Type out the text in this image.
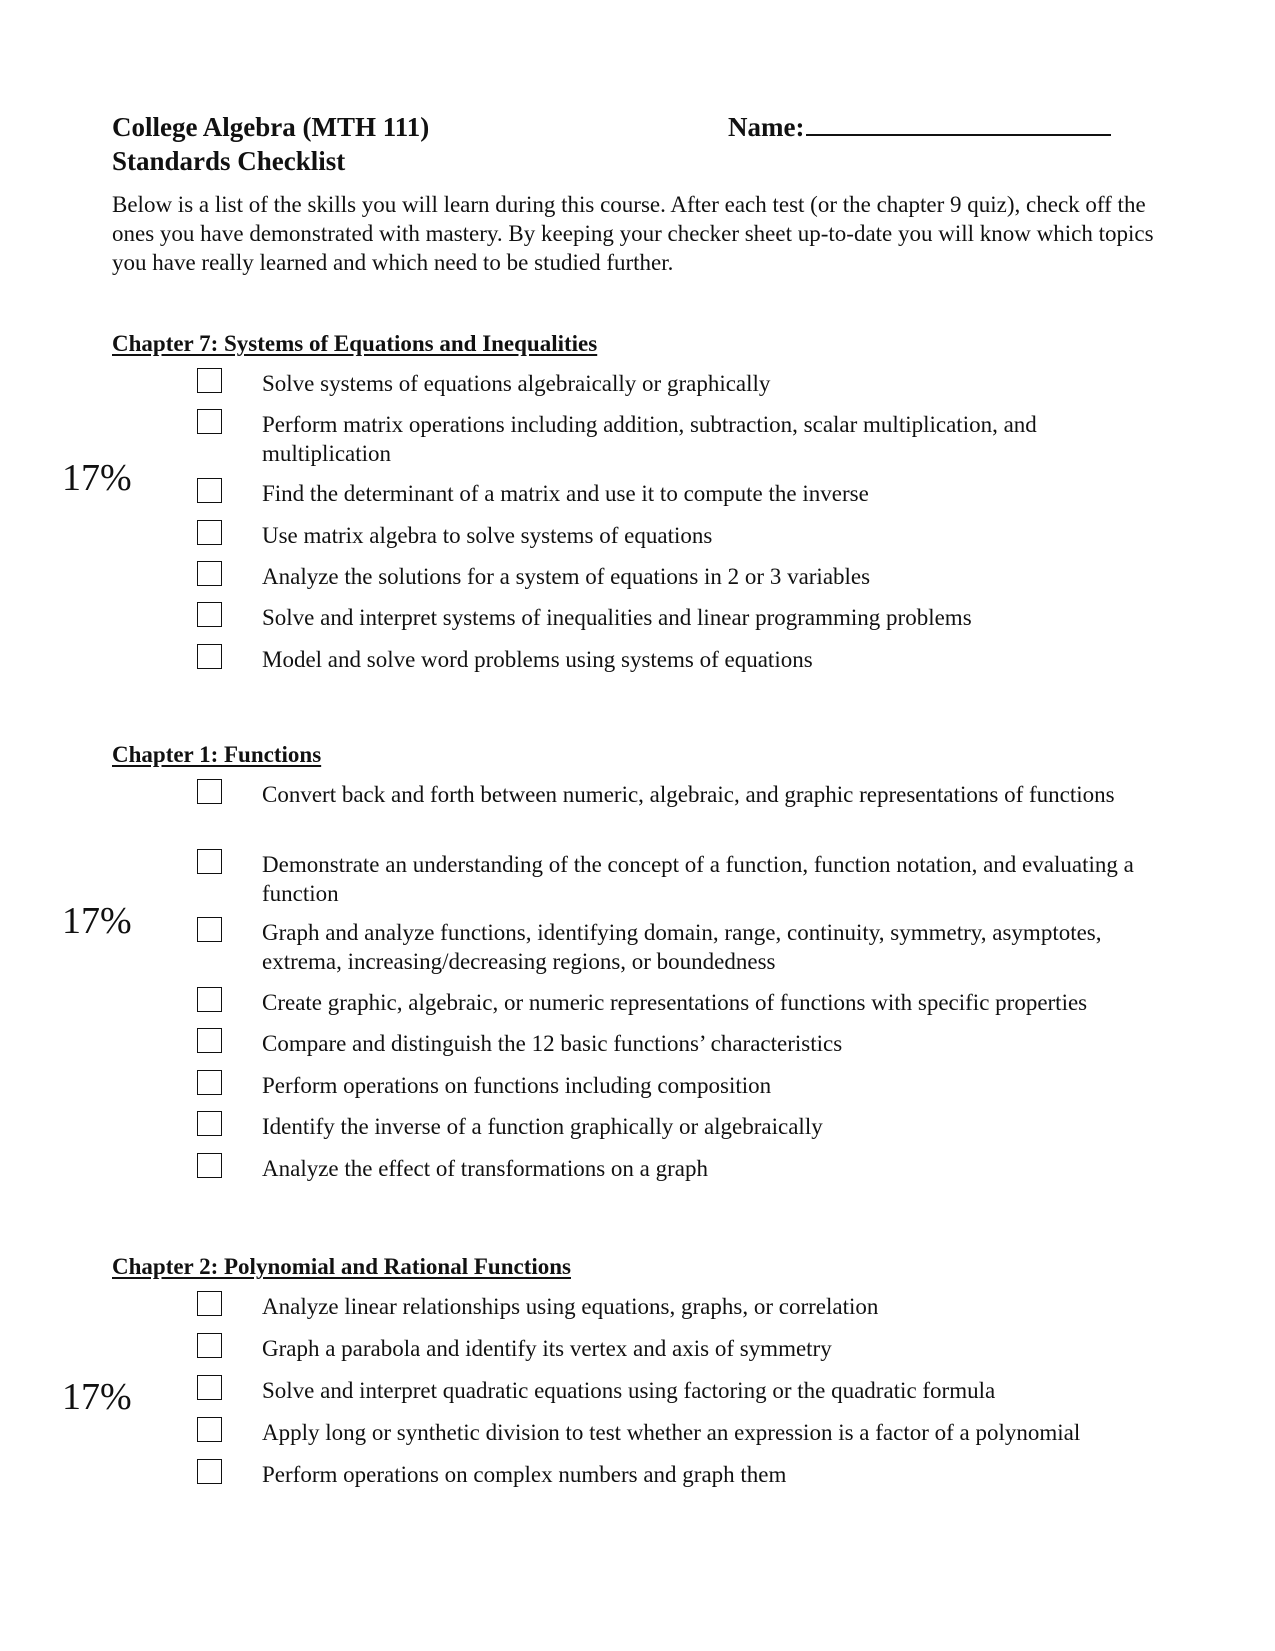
College Algebra (MTH 111)
Standards Checklist
Name:
Below is a list of the skills you will learn during this course. After each test (or the chapter 9 quiz), check off the ones you have demonstrated with mastery. By keeping your checker sheet up-to-date you will know which topics you have really learned and which need to be studied further.
Chapter 7: Systems of Equations and Inequalities
17%
Solve systems of equations algebraically or graphically
Perform matrix operations including addition, subtraction, scalar multiplication, and multiplication
Find the determinant of a matrix and use it to compute the inverse
Use matrix algebra to solve systems of equations
Analyze the solutions for a system of equations in 2 or 3 variables
Solve and interpret systems of inequalities and linear programming problems
Model and solve word problems using systems of equations
Chapter 1: Functions
17%
Convert back and forth between numeric, algebraic, and graphic representations of functions
Demonstrate an understanding of the concept of a function, function notation, and evaluating a function
Graph and analyze functions, identifying domain, range, continuity, symmetry, asymptotes, extrema, increasing/decreasing regions, or boundedness
Create graphic, algebraic, or numeric representations of functions with specific properties
Compare and distinguish the 12 basic functions’ characteristics
Perform operations on functions including composition
Identify the inverse of a function graphically or algebraically
Analyze the effect of transformations on a graph
Chapter 2: Polynomial and Rational Functions
17%
Analyze linear relationships using equations, graphs, or correlation
Graph a parabola and identify its vertex and axis of symmetry
Solve and interpret quadratic equations using factoring or the quadratic formula
Apply long or synthetic division to test whether an expression is a factor of a polynomial
Perform operations on complex numbers and graph them
